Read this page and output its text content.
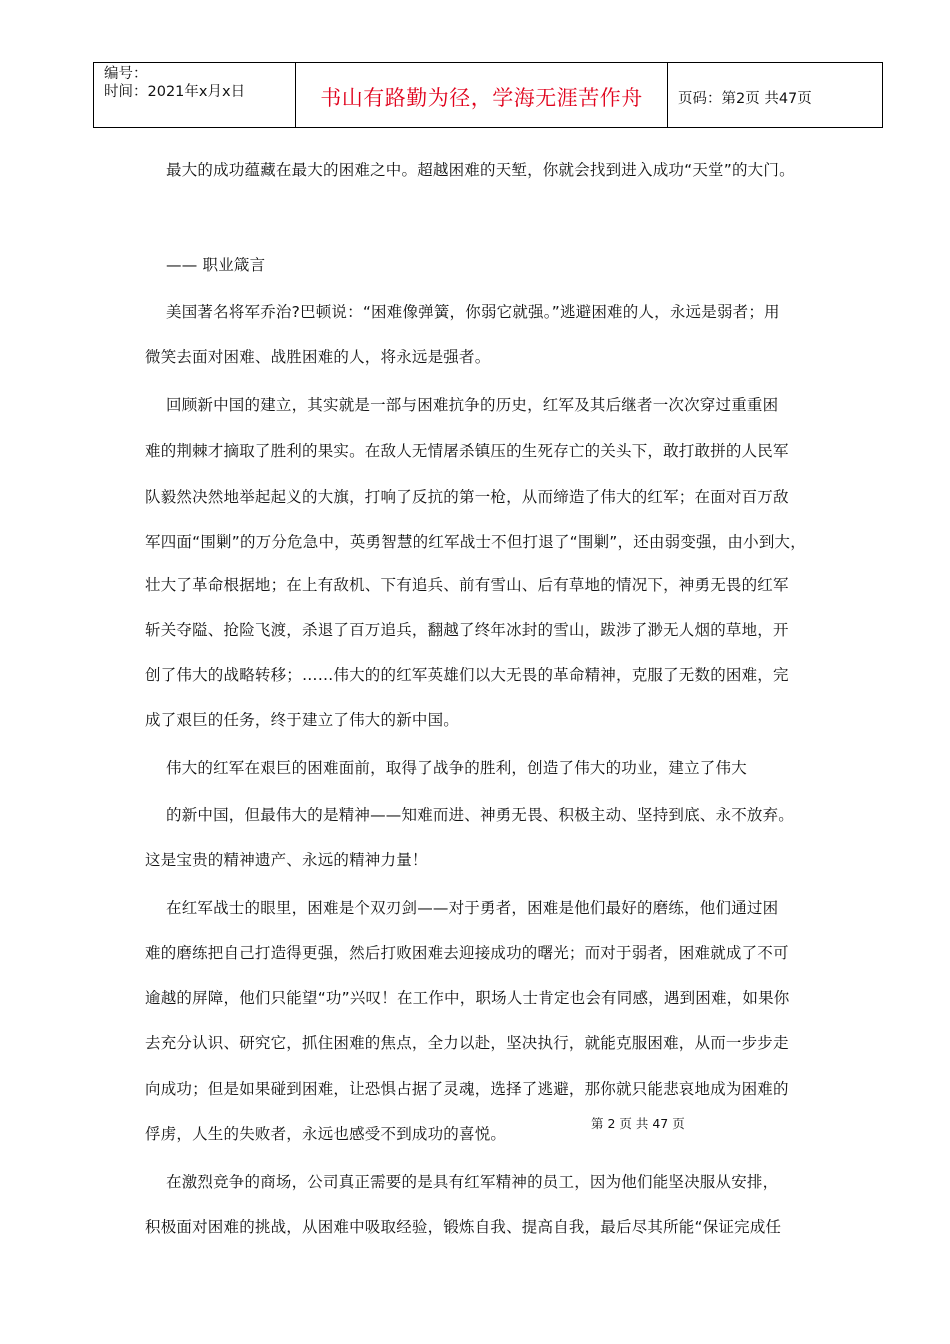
编号：
时间：2021年x月x日	书山有路勤为径，学海无涯苦作舟 页码：第2页 共47页
最大的成功蕴藏在最大的困难之中。超越困难的天堑，你就会找到进入成功“天堂”的大门。
—— 职业箴言
美国著名将军乔治?巴顿说：“困难像弹簧，你弱它就强。”逃避困难的人，永远是弱者；用
微笑去面对困难、战胜困难的人，将永远是强者。
回顾新中国的建立，其实就是一部与困难抗争的历史，红军及其后继者一次次穿过重重困
难的荆棘才摘取了胜利的果实。在敌人无情屠杀镇压的生死存亡的关头下，敢打敢拼的人民军
队毅然决然地举起起义的大旗，打响了反抗的第一枪，从而缔造了伟大的红军；在面对百万敌
军四面“围剿”的万分危急中，英勇智慧的红军战士不但打退了“围剿”，还由弱变强，由小到大，
壮大了革命根据地；在上有敌机、下有追兵、前有雪山、后有草地的情况下，神勇无畏的红军
斩关夺隘、抢险飞渡，杀退了百万追兵，翻越了终年冰封的雪山，跋涉了渺无人烟的草地，开
创了伟大的战略转移；……伟大的的红军英雄们以大无畏的革命精神，克服了无数的困难，完
成了艰巨的任务，终于建立了伟大的新中国。
伟大的红军在艰巨的困难面前，取得了战争的胜利，创造了伟大的功业，建立了伟大
的新中国，但最伟大的是精神——知难而进、神勇无畏、积极主动、坚持到底、永不放弃。
这是宝贵的精神遗产、永远的精神力量！
在红军战士的眼里，困难是个双刃剑——对于勇者，困难是他们最好的磨练，他们通过困
难的磨练把自己打造得更强，然后打败困难去迎接成功的曙光；而对于弱者，困难就成了不可
逾越的屏障，他们只能望“功”兴叹！在工作中，职场人士肯定也会有同感，遇到困难，如果你
去充分认识、研究它，抓住困难的焦点，全力以赴，坚决执行，就能克服困难，从而一步步走
向成功；但是如果碰到困难，让恐惧占据了灵魂，选择了逃避，那你就只能悲哀地成为困难的
俘虏，人生的失败者，永远也感受不到成功的喜悦。
在激烈竞争的商场，公司真正需要的是具有红军精神的员工，因为他们能坚决服从安排，
积极面对困难的挑战，从困难中吸取经验，锻炼自我、提高自我，最后尽其所能“保证完成任
第 2 页 共 47 页
